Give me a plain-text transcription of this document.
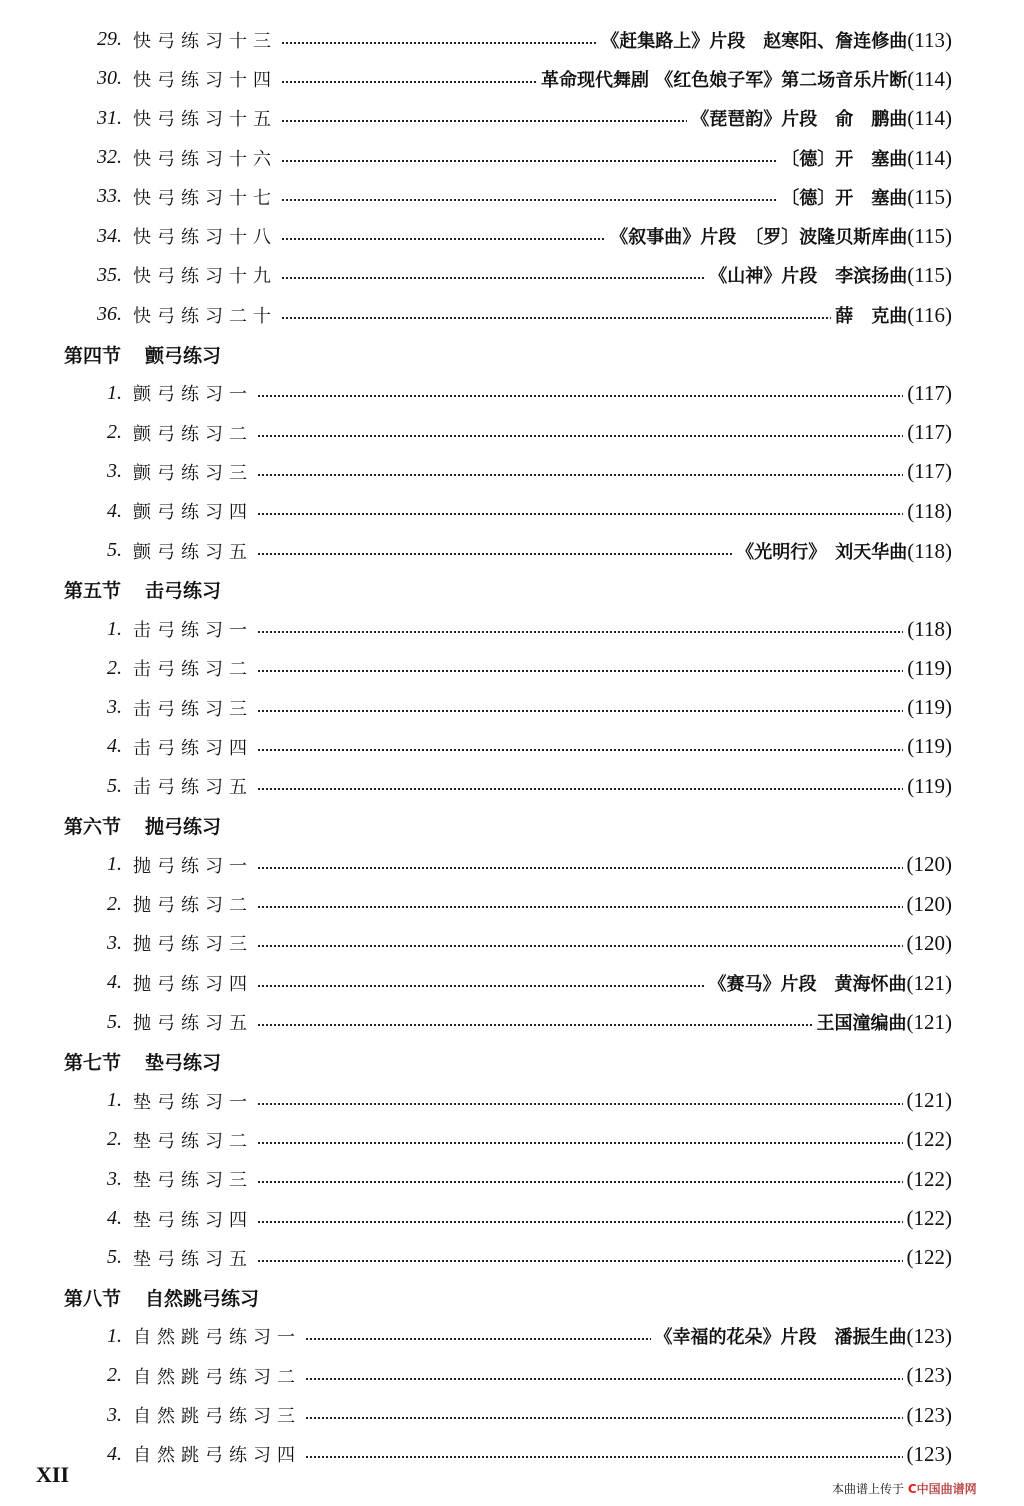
29. 快弓练习十三	《赶集路上》片段　赵寒阳、詹连修曲(113)
30. 快弓练习十四	革命现代舞剧 《红色娘子军》第二场音乐片断(114)
31. 快弓练习十五	《琵琶韵》片段　俞　鹏曲(114)
32. 快弓练习十六	〔德〕开　塞曲(114)
33. 快弓练习十七	〔德〕开　塞曲(115)
34. 快弓练习十八	《叙事曲》片段　〔罗〕波隆贝斯库曲(115)
35. 快弓练习十九	《山神》片段　李滨扬曲(115)
36. 快弓练习二十	薛　克曲(116)
第四节 颤弓练习
1. 颤弓练习一	(117)
2. 颤弓练习二	(117)
3. 颤弓练习三	(117)
4. 颤弓练习四	(118)
5. 颤弓练习五	《光明行》　刘天华曲(118)
第五节 击弓练习
1. 击弓练习一	(118)
2. 击弓练习二	(119)
3. 击弓练习三	(119)
4. 击弓练习四	(119)
5. 击弓练习五	(119)
第六节 抛弓练习
1. 抛弓练习一	(120)
2. 抛弓练习二	(120)
3. 抛弓练习三	(120)
4. 抛弓练习四	《赛马》片段　黄海怀曲(121)
5. 抛弓练习五	王国潼编曲(121)
第七节 垫弓练习
1. 垫弓练习一	(121)
2. 垫弓练习二	(122)
3. 垫弓练习三	(122)
4. 垫弓练习四	(122)
5. 垫弓练习五	(122)
第八节 自然跳弓练习
1. 自然跳弓练习一	《幸福的花朵》片段　潘振生曲(123)
2. 自然跳弓练习二	(123)
3. 自然跳弓练习三	(123)
4. 自然跳弓练习四	(123)
XII
本曲谱上传于 C中国曲谱网
